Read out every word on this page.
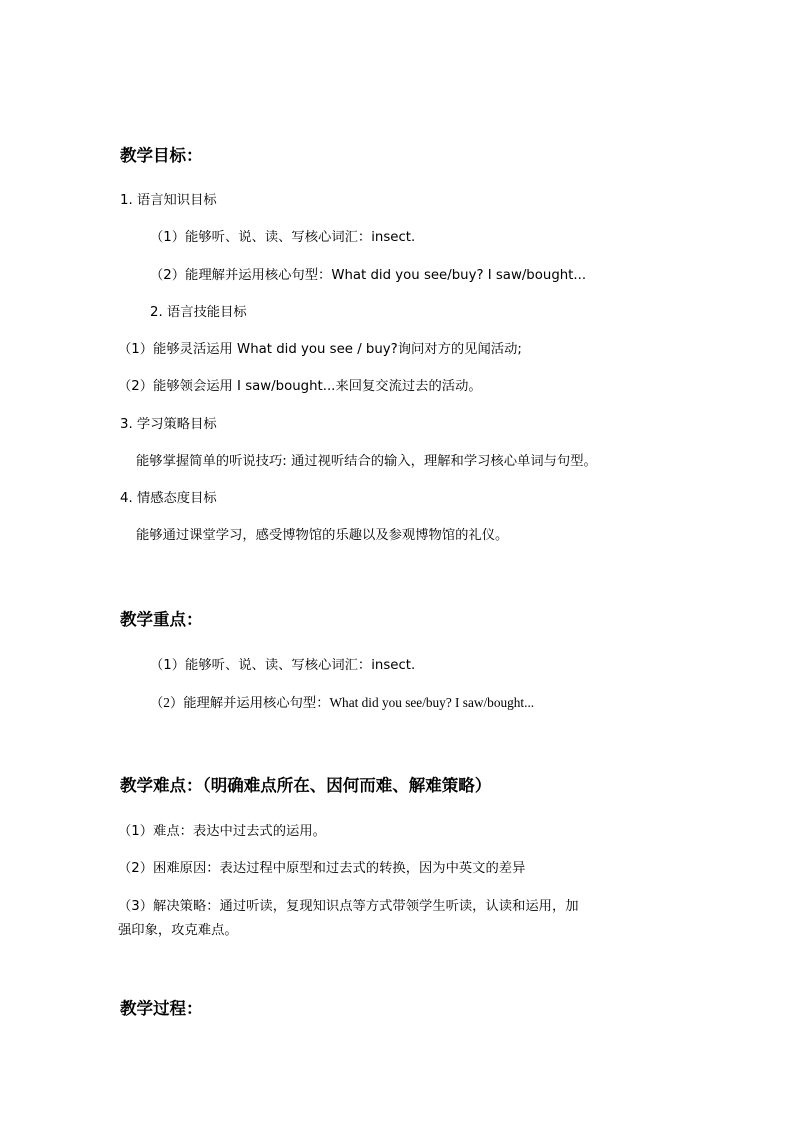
教学目标：
1. 语言知识目标
（1）能够听、说、读、写核心词汇：insect.
（2）能理解并运用核心句型：What did you see/buy? I saw/bought...
2. 语言技能目标
（1）能够灵活运用 What did you see / buy?询问对方的见闻活动;
（2）能够领会运用 I saw/bought...来回复交流过去的活动。
3. 学习策略目标
能够掌握简单的听说技巧: 通过视听结合的输入，理解和学习核心单词与句型。
4. 情感态度目标
能够通过课堂学习，感受博物馆的乐趣以及参观博物馆的礼仪。
教学重点：
（1）能够听、说、读、写核心词汇：insect.
（2）能理解并运用核心句型：What did you see/buy? I saw/bought...
教学难点：（明确难点所在、因何而难、解难策略）
（1）难点：表达中过去式的运用。
（2）困难原因：表达过程中原型和过去式的转换，因为中英文的差异
（3）解决策略：通过听读，复现知识点等方式带领学生听读，认读和运用，加
强印象，攻克难点。
教学过程：
